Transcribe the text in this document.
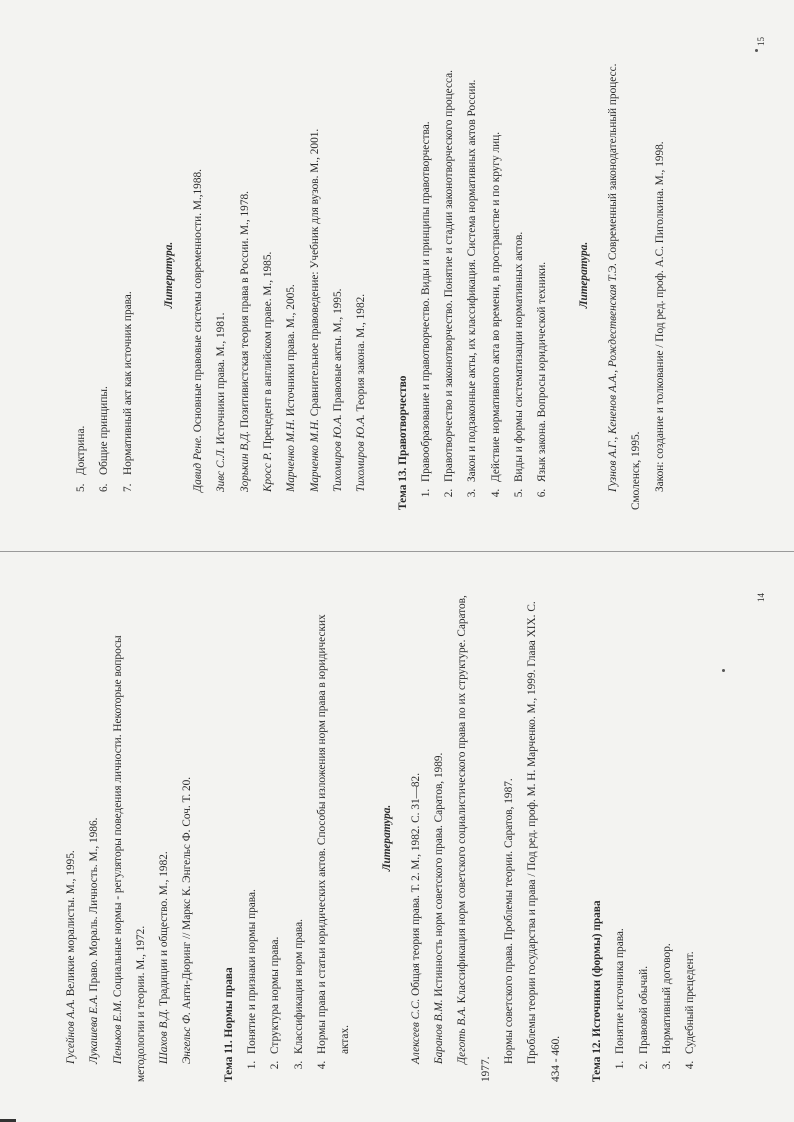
Гусейнов А.А. Великие моралисты. М., 1995.

Лукашева Е.А. Право. Мораль. Личность. М., 1986.

Пеньков Е.М. Социальные нормы - регуляторы поведения личности. Некоторые вопросы методологии и теории. М., 1972. Шахов В.Д. Традиции и общество. М., 1982.

Энгельс Ф. Анти-Дюринг // Маркс К. Энгельс Ф. Соч. Т. 20.

Тема 11. Нормы права 1. Понятие и признаки нормы права. 2. Структура нормы права. 3. Классификация норм права. 4. Нормы права и статьи юридических актов. Способы изложения норм права в юридических актах.

Литература.

Алексеев С.С. Общая теория права. Т. 2. М., 1982. С. 31—82.

Баранов В.М. Истинность норм советского права. Саратов, 1989.

Деготь В.А. Классификация норм советского социалистического права по их структуре. Саратов, 1977.

Нормы советского права. Проблемы теории. Саратов, 1987. Проблемы теории государства и права / Под ред. проф. М. Н. Марченко. М., 1999. Глава XIX. С. 434 - 460.	Тема 12. Источники (формы) права 1. Понятие источника права. 2. Правовой обычай. 3. Нормативный договор. 4. Судебный прецедент.
14

5.   Доктрина.

6.   Общие принципы.

7.   Нормативный акт как источник права.

Литература.

Давид Рене. Основные правовые системы современности. М.,1988.

Зивс С.Л. Источники права. М., 1981.

Зорькин В.Д. Позитивистская теория права в России. М., 1978.

Кросс Р. Прецедент в английском праве. М., 1985.

Марченко М.Н. Источники права. М., 2005.

Марченко М.Н. Сравнительное правоведение: Учебник для вузов. М., 2001.

Тихомиров Ю.А. Правовые акты. М., 1995.

Тихомиров Ю.А. Теория закона. М., 1982.

Тема 13. Правотворчество 1. Правообразование и правотворчество. Виды и принципы правотворчества. 2. Правотворчество и законотворчество. Понятие и стадии законотворческого процесса. 3. Закон и подзаконные акты, их классификация. Система нормативных актов России. 4. Действие нормативного акта во времени, в пространстве и по кругу лиц. 5. Виды и формы систематизации нормативных актов. 6. Язык закона. Вопросы юридической техники.	Литература.	Гузнов А.Г., Кененов А.А., Рождественская Т.Э. Современный законодательный процесс. Смоленск, 1995. Закон: создание и толкование / Под ред. проф. А.С. Пиголкина. М., 1998.

15
